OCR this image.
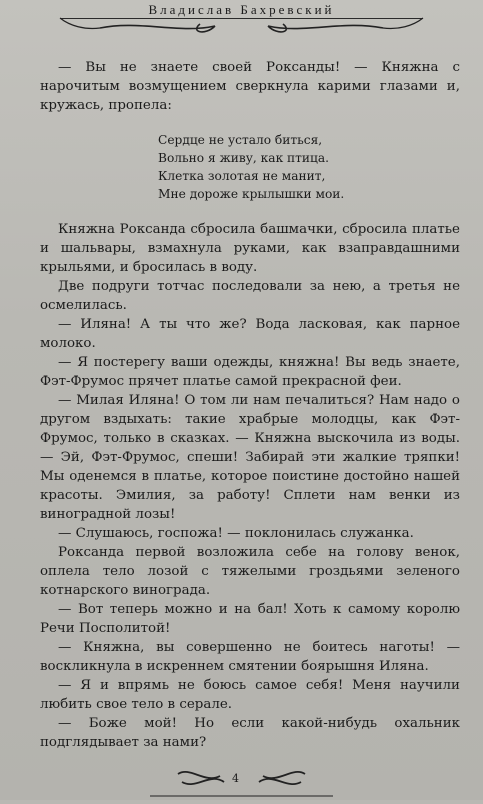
Владислав Бахревский

— Вы не знаете своей Роксанды! — Княжна с нарочитым возмущением сверкнула карими глазами и, кружась, пропела:

Сердце не устало биться,
Вольно я живу, как птица.
Клетка золотая не манит,
Мне дороже крылышки мои.

Княжна Роксанда сбросила башмачки, сбросила платье и шальвары, взмахнула руками, как взаправдашними крыльями, и бросилась в воду.

Две подруги тотчас последовали за нею, а третья не осмелилась.

— Иляна! А ты что же? Вода ласковая, как парное молоко.

— Я постерегу ваши одежды, княжна! Вы ведь знаете, Фэт-Фрумос прячет платье самой прекрасной феи.

— Милая Иляна! О том ли нам печалиться? Нам надо о другом вздыхать: такие храбрые молодцы, как Фэт-Фрумос, только в сказках. — Княжна выскочила из воды. — Эй, Фэт-Фрумос, спеши! Забирай эти жалкие тряпки! Мы оденемся в платье, которое поистине достойно нашей красоты. Эмилия, за работу! Сплети нам венки из виноградной лозы!

— Слушаюсь, госпожа! — поклонилась служанка.

Роксанда первой возложила себе на голову венок, оплела тело лозой с тяжелыми гроздьями зеленого котнарского винограда.

— Вот теперь можно и на бал! Хоть к самому королю Речи Посполитой!

— Княжна, вы совершенно не боитесь наготы! — воскликнула в искреннем смятении боярышня Иляна.

— Я и впрямь не боюсь самое себя! Меня научили любить свое тело в серале.

— Боже мой! Но если какой-нибудь охальник подглядывает за нами?

4
